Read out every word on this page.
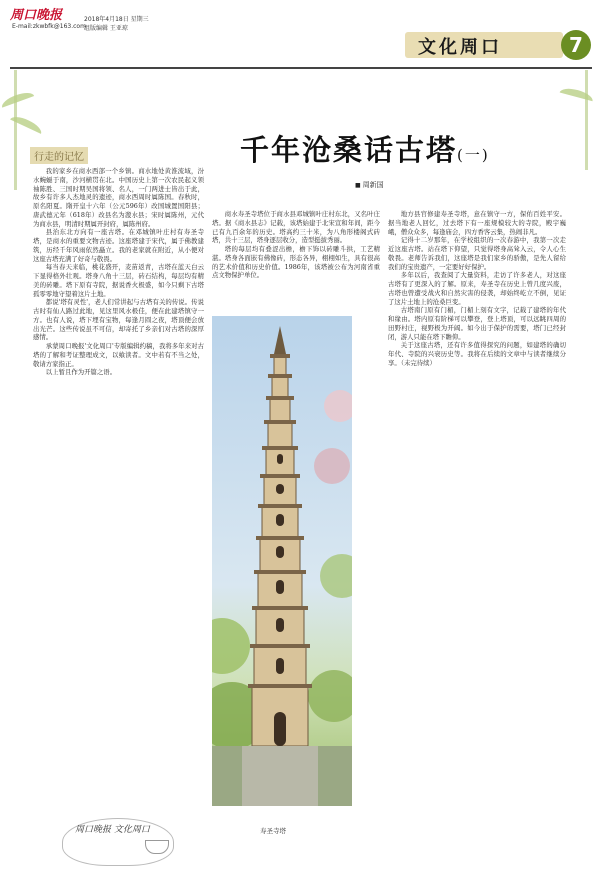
周口晚报	2018年4月18日 星期三
组版编辑 王亚琼
E-mail:zkwbfk@163.com
文化周口	7
行走的记忆	千年沧桑话古塔(一)
■ 周新国

我的家乡在商水西部一个乡镇。商水地处黄淮流域，汾水蜿蜒于南，沙河横贯在北。中国历史上第一次农民起义领袖陈胜、三国时期吴国将领、名人，一门两进士皆出于此，故乡有许多人杰地灵的遗迹，商水西周时属陈国。春秋时，原名阳夏。隋开皇十六年（公元596年）改国城置国阳县；唐武德元年（618年）改县名为溵水县；宋时属陈州，元代为商水县，明清时期属开封府，属陈州府。

县治东北方向有一座古塔。在邓城镇叶庄村有寿圣寺塔，是商水的重要文物古迹。这座塔建于宋代，属于佛教建筑，历经千年风雨依然矗立。我的老家就在附近，从小便对这座古塔充满了好奇与敬畏。

每当春天来临，桃花盛开，麦苗返青，古塔在蓝天白云下显得格外壮观。塔身八角十三层，砖石结构，每层均有精美的砖雕。塔下原有寺院，据说香火极盛，如今只剩下古塔孤零零地守望着这片土地。

都说'塔有灵性'，老人们常讲起与古塔有关的传说。传说古时有仙人路过此地，见这里风水极佳，便在此建塔镇守一方。也有人说，塔下埋有宝物，每逢月圆之夜，塔顶便会放出光芒。这些传说虽不可信，却寄托了乡亲们对古塔的深厚感情。

承蒙周口晚报'文化周口'专版编辑约稿，我将多年来对古塔的了解和考证整理成文，以飨读者。文中若有不当之处，敬请方家指正。

以上暂且作为开篇之语。

商水寿圣寺塔位于商水县邓城镇叶庄村东北，又名叶庄塔。据《商水县志》记载，该塔始建于北宋宣和年间，距今已有九百余年的历史。塔高约三十米，为八角形楼阁式砖塔，共十三层，塔身逐层收分，造型挺拔秀丽。

塔的每层均有叠涩出檐，檐下饰以砖雕斗拱，工艺精湛。塔身各面嵌有佛像砖，形态各异，栩栩如生，具有很高的艺术价值和历史价值。1986年，该塔被公布为河南省重点文物保护单位。

地方县官修建寿圣寺塔，意在镇守一方，保佑百姓平安。据当地老人回忆，过去塔下有一座规模较大的寺院，殿宇巍峨，僧众众多，每逢庙会，四方香客云集，热闹非凡。

记得十二岁那年，在学校组织的一次春游中，我第一次走近这座古塔。站在塔下仰望，只觉得塔身高耸入云，令人心生敬畏。老师告诉我们，这座塔是我们家乡的骄傲，是先人留给我们的宝贵遗产，一定要好好保护。

多年以后，我查阅了大量资料，走访了许多老人，对这座古塔有了更深入的了解。原来，寿圣寺在历史上曾几度兴废，古塔也曾遭受战火和自然灾害的侵袭，却始终屹立不倒，见证了这片土地上的沧桑巨变。

古塔南门原有门楣，门楣上刻有文字，记载了建塔的年代和缘由。塔内原有阶梯可以攀登，登上塔顶，可以远眺四周的田野村庄，视野极为开阔。如今出于保护的需要，塔门已经封闭，游人只能在塔下瞻仰。

关于这座古塔，还有许多值得探究的问题，如建塔的确切年代、寺院的兴衰历史等。我将在后续的文章中与读者继续分享。（未完待续）

寿圣寺塔
周口晚报 文化周口
